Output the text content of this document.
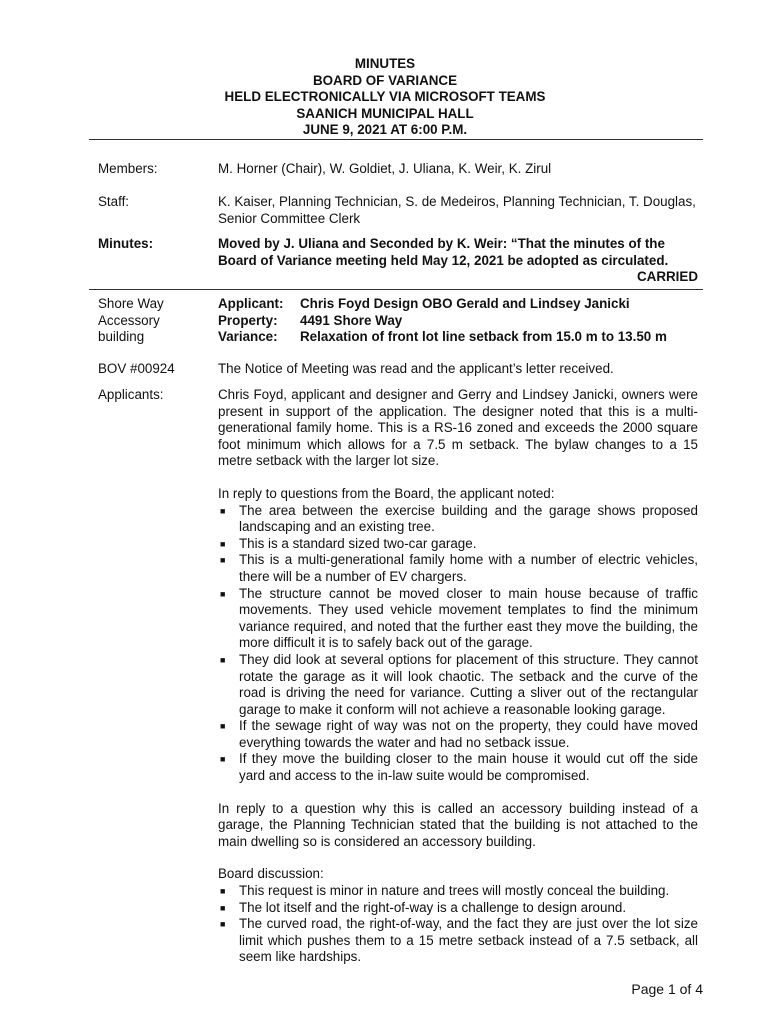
MINUTES
BOARD OF VARIANCE
HELD ELECTRONICALLY VIA MICROSOFT TEAMS
SAANICH MUNICIPAL HALL
JUNE 9, 2021 AT 6:00 P.M.
Members:	M. Horner (Chair), W. Goldiet, J. Uliana, K. Weir, K. Zirul
Staff:	K. Kaiser, Planning Technician, S. de Medeiros, Planning Technician, T. Douglas, Senior Committee Clerk
Minutes:	Moved by J. Uliana and Seconded by K. Weir: “That the minutes of the Board of Variance meeting held May 12, 2021 be adopted as circulated.
CARRIED
Shore Way
Accessory
building
Applicant:	Chris Foyd Design OBO Gerald and Lindsey Janicki
Property:	4491 Shore Way
Variance:	Relaxation of front lot line setback from 15.0 m to 13.50 m
BOV #00924	The Notice of Meeting was read and the applicant’s letter received.
Applicants:	Chris Foyd, applicant and designer and Gerry and Lindsey Janicki, owners were present in support of the application. The designer noted that this is a multi-generational family home. This is a RS-16 zoned and exceeds the 2000 square foot minimum which allows for a 7.5 m setback. The bylaw changes to a 15 metre setback with the larger lot size.
In reply to questions from the Board, the applicant noted:
■ The area between the exercise building and the garage shows proposed landscaping and an existing tree.
■ This is a standard sized two-car garage.
■ This is a multi-generational family home with a number of electric vehicles, there will be a number of EV chargers.
■ The structure cannot be moved closer to main house because of traffic movements. They used vehicle movement templates to find the minimum variance required, and noted that the further east they move the building, the more difficult it is to safely back out of the garage.
■ They did look at several options for placement of this structure. They cannot rotate the garage as it will look chaotic. The setback and the curve of the road is driving the need for variance. Cutting a sliver out of the rectangular garage to make it conform will not achieve a reasonable looking garage.
■ If the sewage right of way was not on the property, they could have moved everything towards the water and had no setback issue.
■ If they move the building closer to the main house it would cut off the side yard and access to the in-law suite would be compromised.
In reply to a question why this is called an accessory building instead of a garage, the Planning Technician stated that the building is not attached to the main dwelling so is considered an accessory building.
Board discussion:
■ This request is minor in nature and trees will mostly conceal the building.
■ The lot itself and the right-of-way is a challenge to design around.
■ The curved road, the right-of-way, and the fact they are just over the lot size limit which pushes them to a 15 metre setback instead of a 7.5 setback, all seem like hardships.
Page 1 of 4
